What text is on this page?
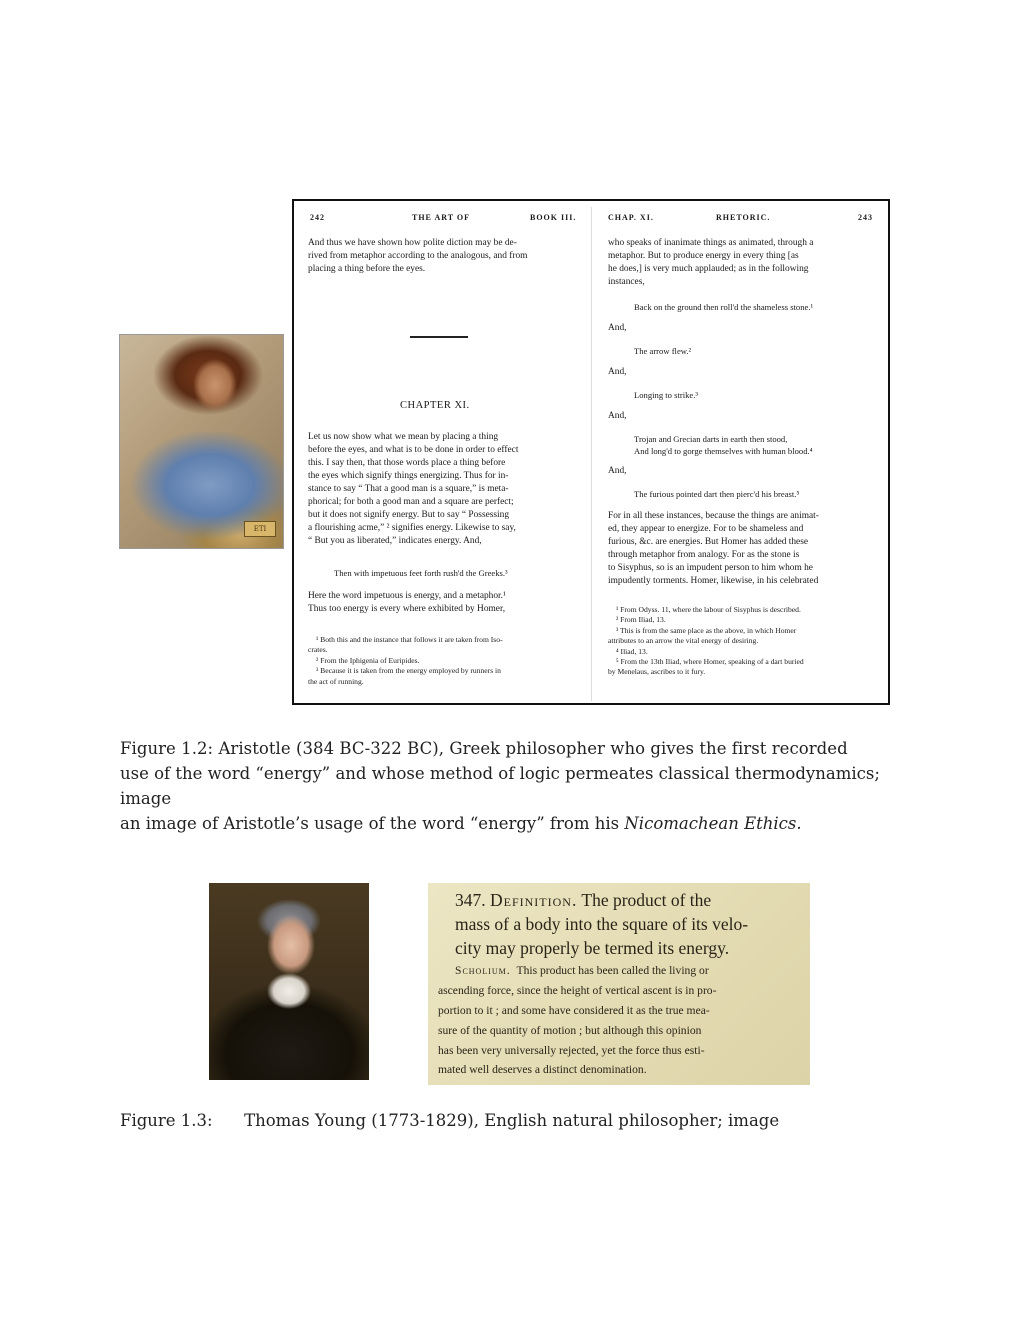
ETI
242	THE ART OF	BOOK III.
And thus we have shown how polite diction may be de-
rived from metaphor according to the analogous, and from
placing a thing before the eyes.
CHAPTER XI.
Let us now show what we mean by placing a thing
before the eyes, and what is to be done in order to effect
this. I say then, that those words place a thing before
the eyes which signify things energizing. Thus for in-
stance to say “ That a good man is a square,” is meta-
phorical; for both a good man and a square are perfect;
but it does not signify energy. But to say “ Possessing
a flourishing acme,” ² signifies energy. Likewise to say,
“ But you as liberated,” indicates energy. And,
Then with impetuous feet forth rush'd the Greeks.³
Here the word impetuous is energy, and a metaphor.¹
Thus too energy is every where exhibited by Homer,
¹ Both this and the instance that follows it are taken from Iso-
crates.
² From the Iphigenia of Euripides.
³ Because it is taken from the energy employed by runners in
the act of running.
CHAP. XI.	RHETORIC.	243
who speaks of inanimate things as animated, through a
metaphor. But to produce energy in every thing [as
he does,] is very much applauded; as in the following
instances,
Back on the ground then roll'd the shameless stone.¹
And,
The arrow flew.²
And,
Longing to strike.³
And,
Trojan and Grecian darts in earth then stood,
And long'd to gorge themselves with human blood.⁴
And,
The furious pointed dart then pierc'd his breast.⁵
For in all these instances, because the things are animat-
ed, they appear to energize. For to be shameless and
furious, &c. are energies. But Homer has added these
through metaphor from analogy. For as the stone is
to Sisyphus, so is an impudent person to him whom he
impudently torments. Homer, likewise, in his celebrated
¹ From Odyss. 11, where the labour of Sisyphus is described.
² From Iliad, 13.
³ This is from the same place as the above, in which Homer
attributes to an arrow the vital energy of desiring.
⁴ Iliad, 13.
⁵ From the 13th Iliad, where Homer, speaking of a dart buried
by Menelaus, ascribes to it fury.
Figure 1.2: Aristotle (384 BC-322 BC), Greek philosopher who gives the first recorded
use of the word “energy” and whose method of logic permeates classical thermodynamics;
image
an image of Aristotle’s usage of the word “energy” from his Nicomachean Ethics.
347. Definition. The product of the
mass of a body into the square of its velo-
city may properly be termed its energy.
Scholium. This product has been called the living or
ascending force, since the height of vertical ascent is in pro-
portion to it ; and some have considered it as the true mea-
sure of the quantity of motion ; but although this opinion
has been very universally rejected, yet the force thus esti-
mated well deserves a distinct denomination.
Figure 1.3:      Thomas Young (1773-1829), English natural philosopher; image
